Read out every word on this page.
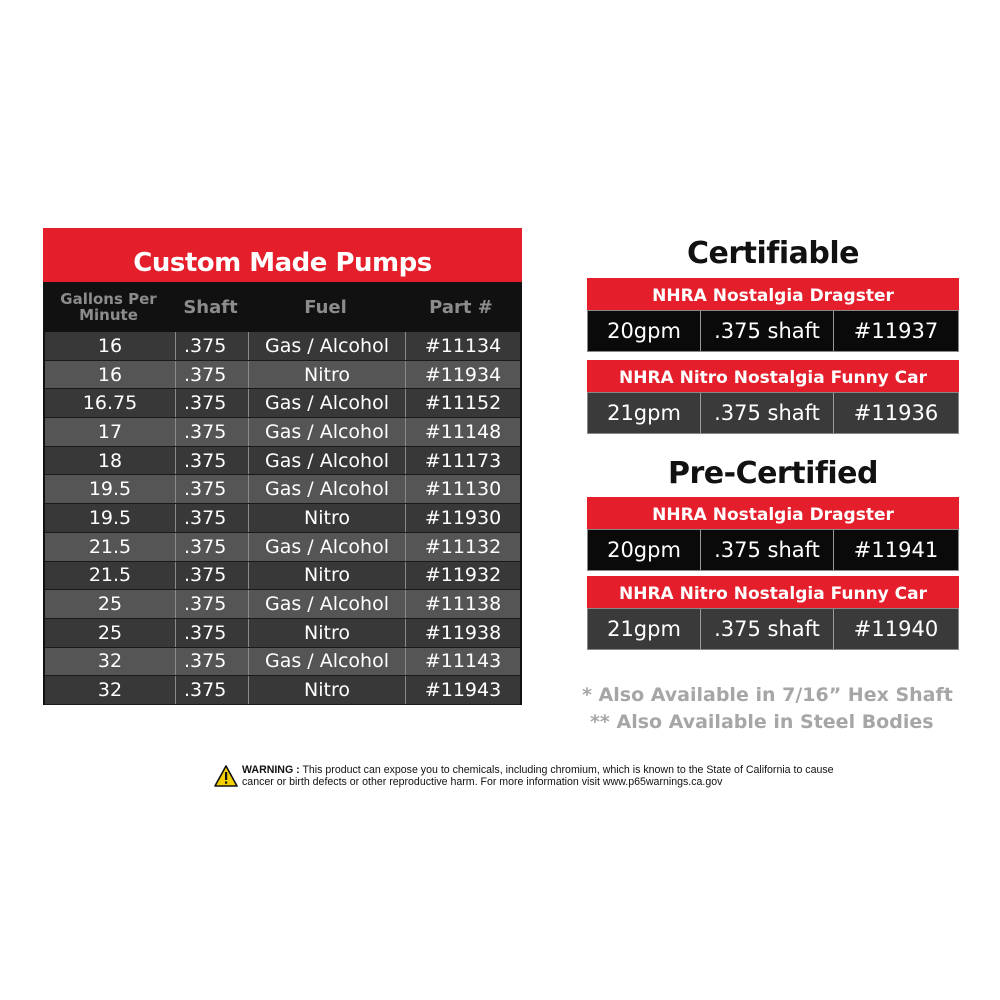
Custom Made Pumps
Gallons Per Minute	Shaft	Fuel	Part #
16	.375	Gas / Alcohol	#11134
16	.375	Nitro	#11934
16.75	.375	Gas / Alcohol	#11152
17	.375	Gas / Alcohol	#11148
18	.375	Gas / Alcohol	#11173
19.5	.375	Gas / Alcohol	#11130
19.5	.375	Nitro	#11930
21.5	.375	Gas / Alcohol	#11132
21.5	.375	Nitro	#11932
25	.375	Gas / Alcohol	#11138
25	.375	Nitro	#11938
32	.375	Gas / Alcohol	#11143
32	.375	Nitro	#11943
Certifiable
NHRA Nostalgia Dragster
20gpm	.375 shaft	#11937
NHRA Nitro Nostalgia Funny Car
21gpm	.375 shaft	#11936
Pre-Certified
NHRA Nostalgia Dragster
20gpm	.375 shaft	#11941
NHRA Nitro Nostalgia Funny Car
21gpm	.375 shaft	#11940
* Also Available in 7/16” Hex Shaft
** Also Available in Steel Bodies
WARNING : This product can expose you to chemicals, including chromium, which is known to the State of California to cause cancer or birth defects or other reproductive harm. For more information visit www.p65warnings.ca.gov
